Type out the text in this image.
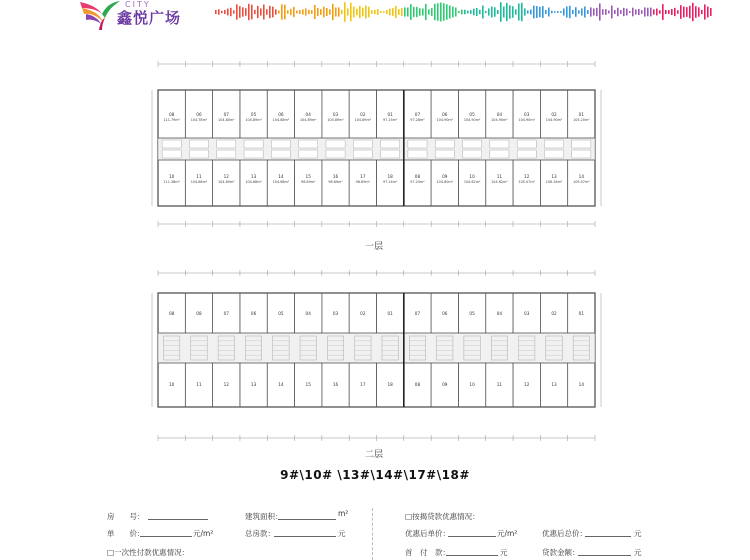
CITY
鑫悦广场
08
10
111.79m²
111.38m²
06
11
104.78m²
104.68m²
07
12
104.80m²
104.60m²
05
13
104.89m²
104.68m²
06
14
104.88m²
104.68m²
04
15
104.89m²
96.69m²
03
16
104.89m²
96.69m²
02
17
104.89m²
96.69m²
01
18
97.15m²
97.14m²
07
08
97.28m²
97.20m²
06
09
104.90m²
104.60m²
05
10
104.90m²
104.62m²
04
11
104.90m²
104.62m²
03
12
104.90m²
105.07m²
02
13
104.90m²
106.34m²
01
14
105.20m²
105.07m²
一层
08
10
08
11
07
12
06
13
05
14
04
15
03
16
02
17
01
18
07
08
06
09
05
10
04
11
03
12
02
13
01
14
二层
9#\10# \13#\14#\17#\18#
房　　号：	建筑面积：	m²
单　　价：	元/m²	总房款：	元
□一次性付款优惠情况：
□按揭贷款优惠情况：
优惠后单价：	元/m²	优惠后总价：	元
首　付　款：	元	贷款金额：	元
